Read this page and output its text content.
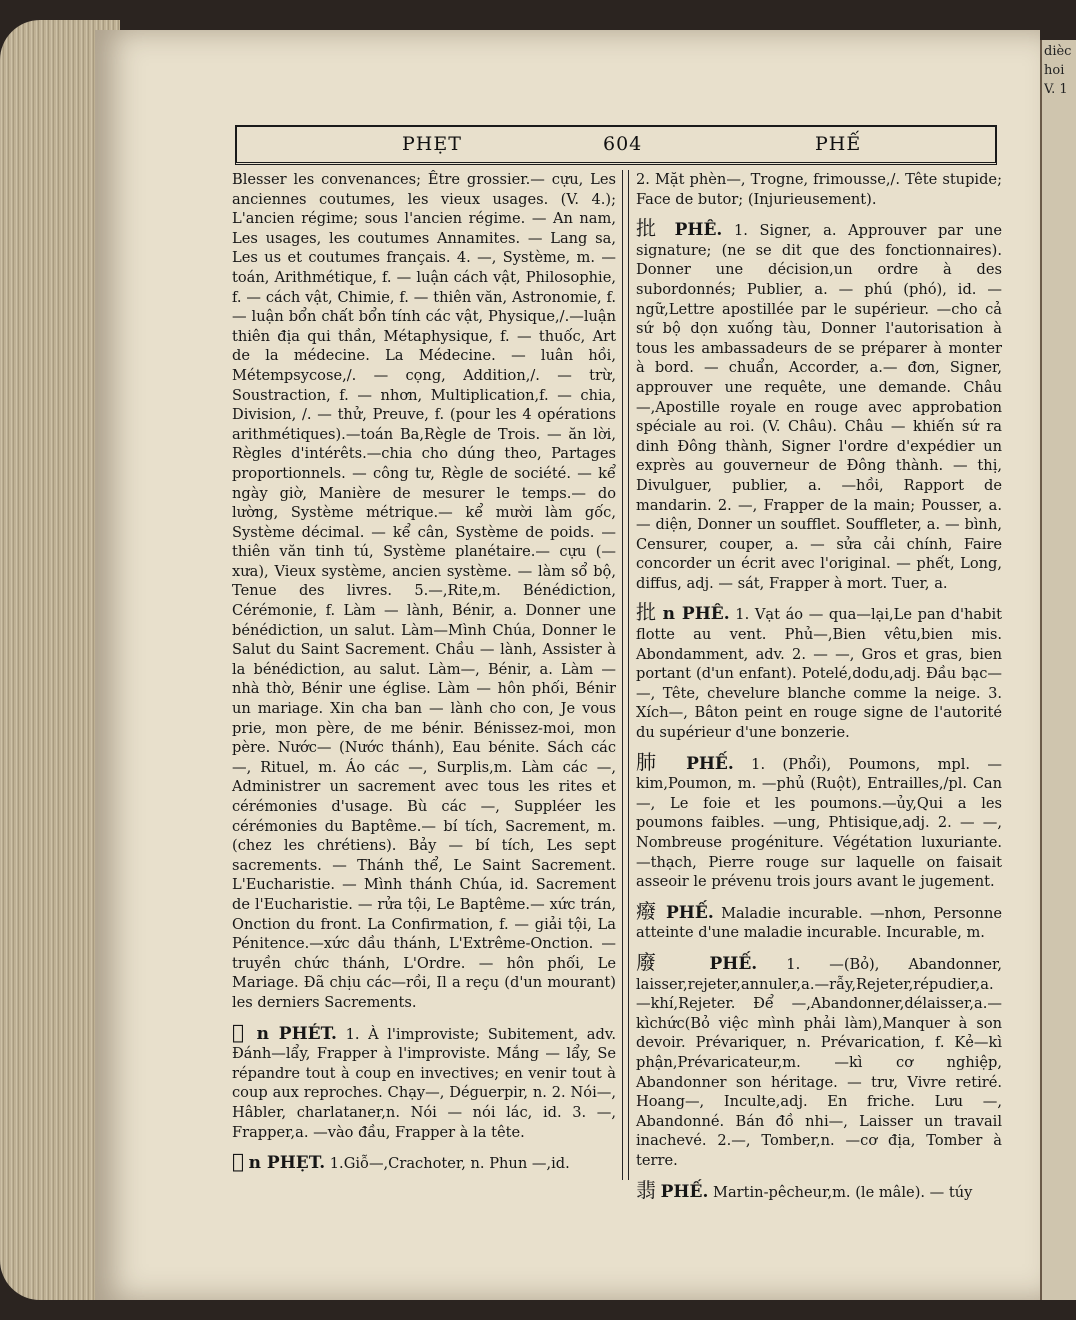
dièc
hoi
V. 1
PHẸT	604	PHẾ

Blesser les convenances; Être grossier.— cựu, Les anciennes coutumes, les vieux usages. (V. 4.); L'ancien régime; sous l'ancien régime. — An nam, Les usages, les coutumes Annamites. — Lang sa, Les us et coutumes français. 4. —, Système, m. — toán, Arithmétique, f. — luận cách vật, Philosophie, f. — cách vật, Chimie, f. — thiên văn, Astronomie, f. — luận bổn chất bổn tính các vật, Physique,/.—luận thiên địa qui thần, Métaphysique, f. — thuốc, Art de la médecine. La Médecine. — luân hồi, Métempsycose,/. — cọng, Addition,/. — trừ, Soustraction, f. — nhơn, Multiplication,f. — chia, Division, /. — thử, Preuve, f. (pour les 4 opérations arithmétiques).—toán Ba,Règle de Trois. — ăn lời, Règles d'intérêts.—chia cho dúng theo, Partages proportionnels. — công tư, Règle de société. — kể ngày giờ, Manière de mesurer le temps.— do lường, Système métrique.— kể mười làm gốc, Système décimal. — kể cân, Système de poids. — thiên văn tinh tú, Système planétaire.— cựu (— xưa), Vieux système, ancien système. — làm sổ bộ, Tenue des livres. 5.—,Rite,m. Bénédiction, Cérémonie, f. Làm — lành, Bénir, a. Donner une bénédiction, un salut. Làm—Mình Chúa, Donner le Salut du Saint Sacrement. Chầu — lành, Assister à la bénédiction, au salut. Làm—, Bénir, a. Làm — nhà thờ, Bénir une église. Làm — hôn phối, Bénir un mariage. Xin cha ban — lành cho con, Je vous prie, mon père, de me bénir. Bénissez-moi, mon père. Nước— (Nước thánh), Eau bénite. Sách các —, Rituel, m. Áo các —, Surplis,m. Làm các —, Administrer un sacrement avec tous les rites et cérémonies d'usage. Bù các —, Suppléer les cérémonies du Baptême.— bí tích, Sacrement, m. (chez les chrétiens). Bảy — bí tích, Les sept sacrements. — Thánh thể, Le Saint Sacrement. L'Eucharistie. — Mình thánh Chúa, id. Sacrement de l'Eucharistie. — rửa tội, Le Baptême.— xức trán, Onction du front. La Confirmation, f. — giải tội, La Pénitence.—xức dầu thánh, L'Extrême-Onction. — truyền chức thánh, L'Ordre. — hôn phối, Le Mariage. Đã chịu các—rồi, Il a reçu (d'un mourant) les derniers Sacrements.

𠺙 n PHÉT. 1. À l'improviste; Subitement, adv. Đánh—lẩy, Frapper à l'improviste. Mắng — lẩy, Se répandre tout à coup en invectives; en venir tout à coup aux reproches. Chạy—, Déguerpir, n. 2. Nói—, Hâbler, charlataner,n. Nói — nói lác, id. 3. —, Frapper,a. —vào đầu, Frapper à la tête.

𠺙 n PHẸT. 1.Giỗ—,Crachoter, n. Phun —,id.

2. Mặt phèn—, Trogne, frimousse,/. Tête stupide; Face de butor; (Injurieusement).

批 PHÊ. 1. Signer, a. Approuver par une signature; (ne se dit que des fonctionnaires). Donner une décision,un ordre à des subordonnés; Publier, a. — phú (phó), id. —ngữ,Lettre apostillée par le supérieur. —cho cả sứ bộ dọn xuống tàu, Donner l'autorisation à tous les ambassadeurs de se préparer à monter à bord. — chuẩn, Accorder, a.— đơn, Signer, approuver une requête, une demande. Châu —,Apostille royale en rouge avec approbation spéciale au roi. (V. Châu). Châu — khiến sứ ra dinh Đông thành, Signer l'ordre d'expédier un exprès au gouverneur de Đông thành. — thị, Divulguer, publier, a. —hồi, Rapport de mandarin. 2. —, Frapper de la main; Pousser, a. — diện, Donner un soufflet. Souffleter, a. — bình, Censurer, couper, a. — sửa cải chính, Faire concorder un écrit avec l'original. — phết, Long, diffus, adj. — sát, Frapper à mort. Tuer, a.

批 n PHÊ. 1. Vạt áo — qua—lại,Le pan d'habit flotte au vent. Phủ—,Bien vêtu,bien mis. Abondamment, adv. 2. — —, Gros et gras, bien portant (d'un enfant). Potelé,dodu,adj. Đầu bạc— —, Tête, chevelure blanche comme la neige. 3. Xích—, Bâton peint en rouge signe de l'autorité du supérieur d'une bonzerie.

肺 PHẾ. 1. (Phổi), Poumons, mpl. —kim,Poumon, m. —phủ (Ruột), Entrailles,/pl. Can —, Le foie et les poumons.—ủy,Qui a les poumons faibles. —ung, Phtisique,adj. 2. — —, Nombreuse progéniture. Végétation luxuriante. —thạch, Pierre rouge sur laquelle on faisait asseoir le prévenu trois jours avant le jugement.

癈 PHẾ. Maladie incurable. —nhơn, Personne atteinte d'une maladie incurable. Incurable, m.

廢 PHẾ. 1. —(Bỏ), Abandonner, laisser,rejeter,annuler,a.—rẫy,Rejeter,répudier,a.—khí,Rejeter. Để —,Abandonner,délaisser,a.—kìchức(Bỏ việc mình phải làm),Manquer à son devoir. Prévariquer, n. Prévarication, f. Kẻ—kì phận,Prévaricateur,m. —kì cơ nghiệp, Abandonner son héritage. — trư, Vivre retiré. Hoang—, Inculte,adj. En friche. Lưu —, Abandonné. Bán đồ nhi—, Laisser un travail inachevé. 2.—, Tomber,n. —cơ địa, Tomber à terre.

翡 PHẾ. Martin-pêcheur,m. (le mâle). — túy
